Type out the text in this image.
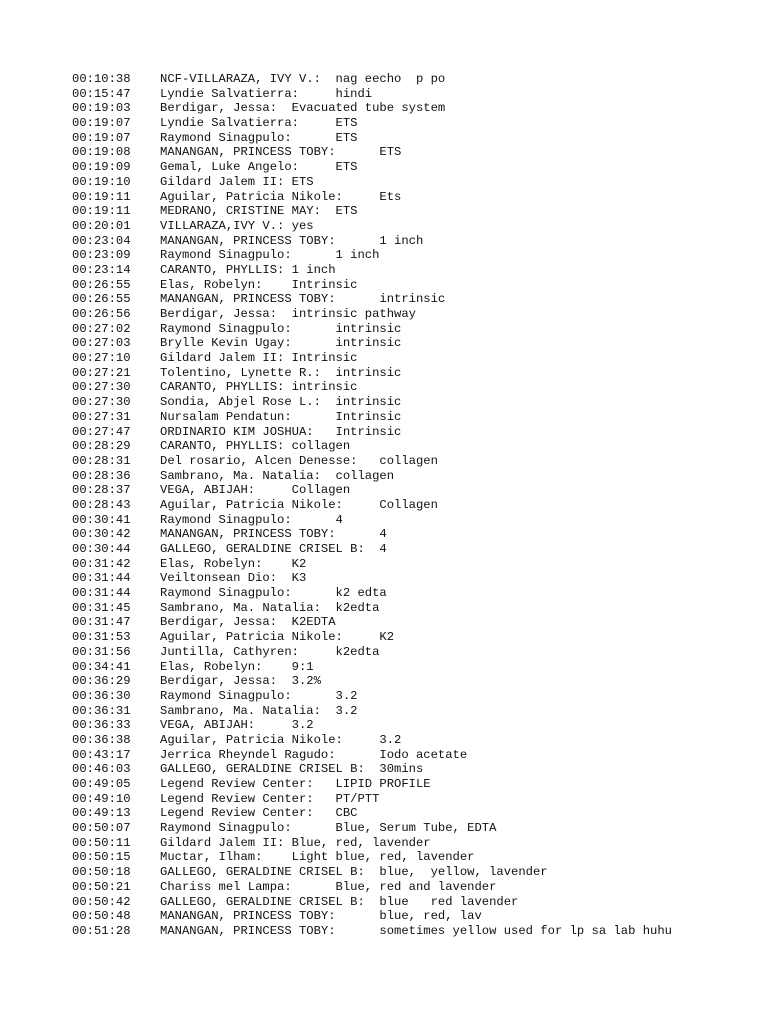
00:10:38 NCF-VILLARAZA, IVY V.:  nag eecho  p po
00:15:47 Lyndie Salvatierra:     hindi
00:19:03 Berdigar, Jessa:  Evacuated tube system
00:19:07 Lyndie Salvatierra:     ETS
00:19:07 Raymond Sinagpulo:      ETS
00:19:08 MANANGAN, PRINCESS TOBY:      ETS
00:19:09 Gemal, Luke Angelo:     ETS
00:19:10 Gildard Jalem II: ETS
00:19:11 Aguilar, Patricia Nikole:     Ets
00:19:11 MEDRANO, CRISTINE MAY:  ETS
00:20:01 VILLARAZA,IVY V.: yes
00:23:04 MANANGAN, PRINCESS TOBY:      1 inch
00:23:09 Raymond Sinagpulo:      1 inch
00:23:14 CARANTO, PHYLLIS: 1 inch
00:26:55 Elas, Robelyn:    Intrinsic
00:26:55 MANANGAN, PRINCESS TOBY:      intrinsic
00:26:56 Berdigar, Jessa:  intrinsic pathway
00:27:02 Raymond Sinagpulo:      intrinsic
00:27:03 Brylle Kevin Ugay:      intrinsic
00:27:10 Gildard Jalem II: Intrinsic
00:27:21 Tolentino, Lynette R.:  intrinsic
00:27:30 CARANTO, PHYLLIS: intrinsic
00:27:30 Sondia, Abjel Rose L.:  intrinsic
00:27:31 Nursalam Pendatun:      Intrinsic
00:27:47 ORDINARIO KIM JOSHUA:   Intrinsic
00:28:29 CARANTO, PHYLLIS: collagen
00:28:31 Del rosario, Alcen Denesse:   collagen
00:28:36 Sambrano, Ma. Natalia:  collagen
00:28:37 VEGA, ABIJAH:     Collagen
00:28:43 Aguilar, Patricia Nikole:     Collagen
00:30:41 Raymond Sinagpulo:      4
00:30:42 MANANGAN, PRINCESS TOBY:      4
00:30:44 GALLEGO, GERALDINE CRISEL B:  4
00:31:42 Elas, Robelyn:    K2
00:31:44 Veiltonsean Dio:  K3
00:31:44 Raymond Sinagpulo:      k2 edta
00:31:45 Sambrano, Ma. Natalia:  k2edta
00:31:47 Berdigar, Jessa:  K2EDTA
00:31:53 Aguilar, Patricia Nikole:     K2
00:31:56 Juntilla, Cathyren:     k2edta
00:34:41 Elas, Robelyn:    9:1
00:36:29 Berdigar, Jessa:  3.2%
00:36:30 Raymond Sinagpulo:      3.2
00:36:31 Sambrano, Ma. Natalia:  3.2
00:36:33 VEGA, ABIJAH:     3.2
00:36:38 Aguilar, Patricia Nikole:     3.2
00:43:17 Jerrica Rheyndel Ragudo:      Iodo acetate
00:46:03 GALLEGO, GERALDINE CRISEL B:  30mins
00:49:05 Legend Review Center:   LIPID PROFILE
00:49:10 Legend Review Center:   PT/PTT
00:49:13 Legend Review Center:   CBC
00:50:07 Raymond Sinagpulo:      Blue, Serum Tube, EDTA
00:50:11 Gildard Jalem II: Blue, red, lavender
00:50:15 Muctar, Ilham:    Light blue, red, lavender
00:50:18 GALLEGO, GERALDINE CRISEL B:  blue,  yellow, lavender
00:50:21 Chariss mel Lampa:      Blue, red and lavender
00:50:42 GALLEGO, GERALDINE CRISEL B:  blue   red lavender
00:50:48 MANANGAN, PRINCESS TOBY:      blue, red, lav
00:51:28 MANANGAN, PRINCESS TOBY:      sometimes yellow used for lp sa lab huhu
